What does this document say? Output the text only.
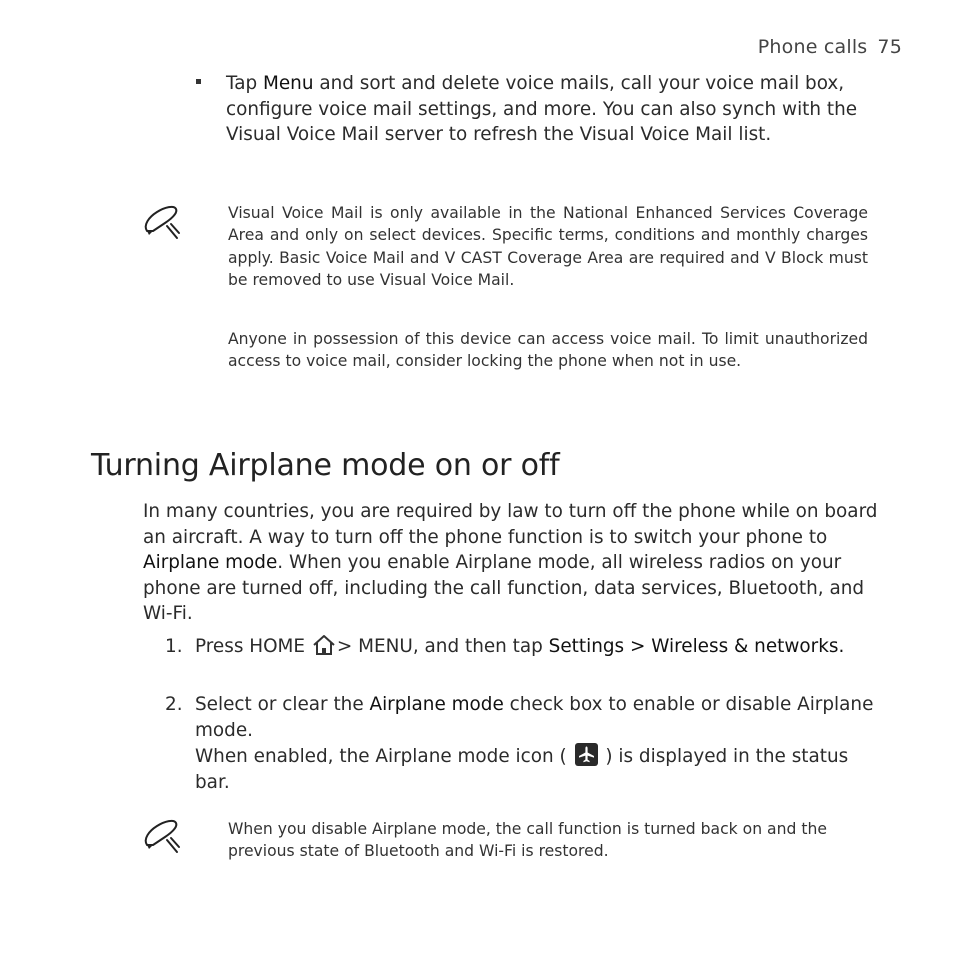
Phone calls 75
Tap Menu and sort and delete voice mails, call your voice mail box, configure voice mail settings, and more. You can also synch with the Visual Voice Mail server to refresh the Visual Voice Mail list.
Visual Voice Mail is only available in the National Enhanced Services Coverage Area and only on select devices. Specific terms, conditions and monthly charges apply. Basic Voice Mail and V CAST Coverage Area are required and V Block must be removed to use Visual Voice Mail.
Anyone in possession of this device can access voice mail. To limit unauthorized access to voice mail, consider locking the phone when not in use.
Turning Airplane mode on or off
In many countries, you are required by law to turn off the phone while on board an aircraft. A way to turn off the phone function is to switch your phone to Airplane mode. When you enable Airplane mode, all wireless radios on your phone are turned off, including the call function, data services, Bluetooth, and Wi-Fi.
1. Press HOME > MENU, and then tap Settings > Wireless & networks.
2. Select or clear the Airplane mode check box to enable or disable Airplane mode.
When enabled, the Airplane mode icon (
) is displayed in the status bar.
When you disable Airplane mode, the call function is turned back on and the previous state of Bluetooth and Wi-Fi is restored.
